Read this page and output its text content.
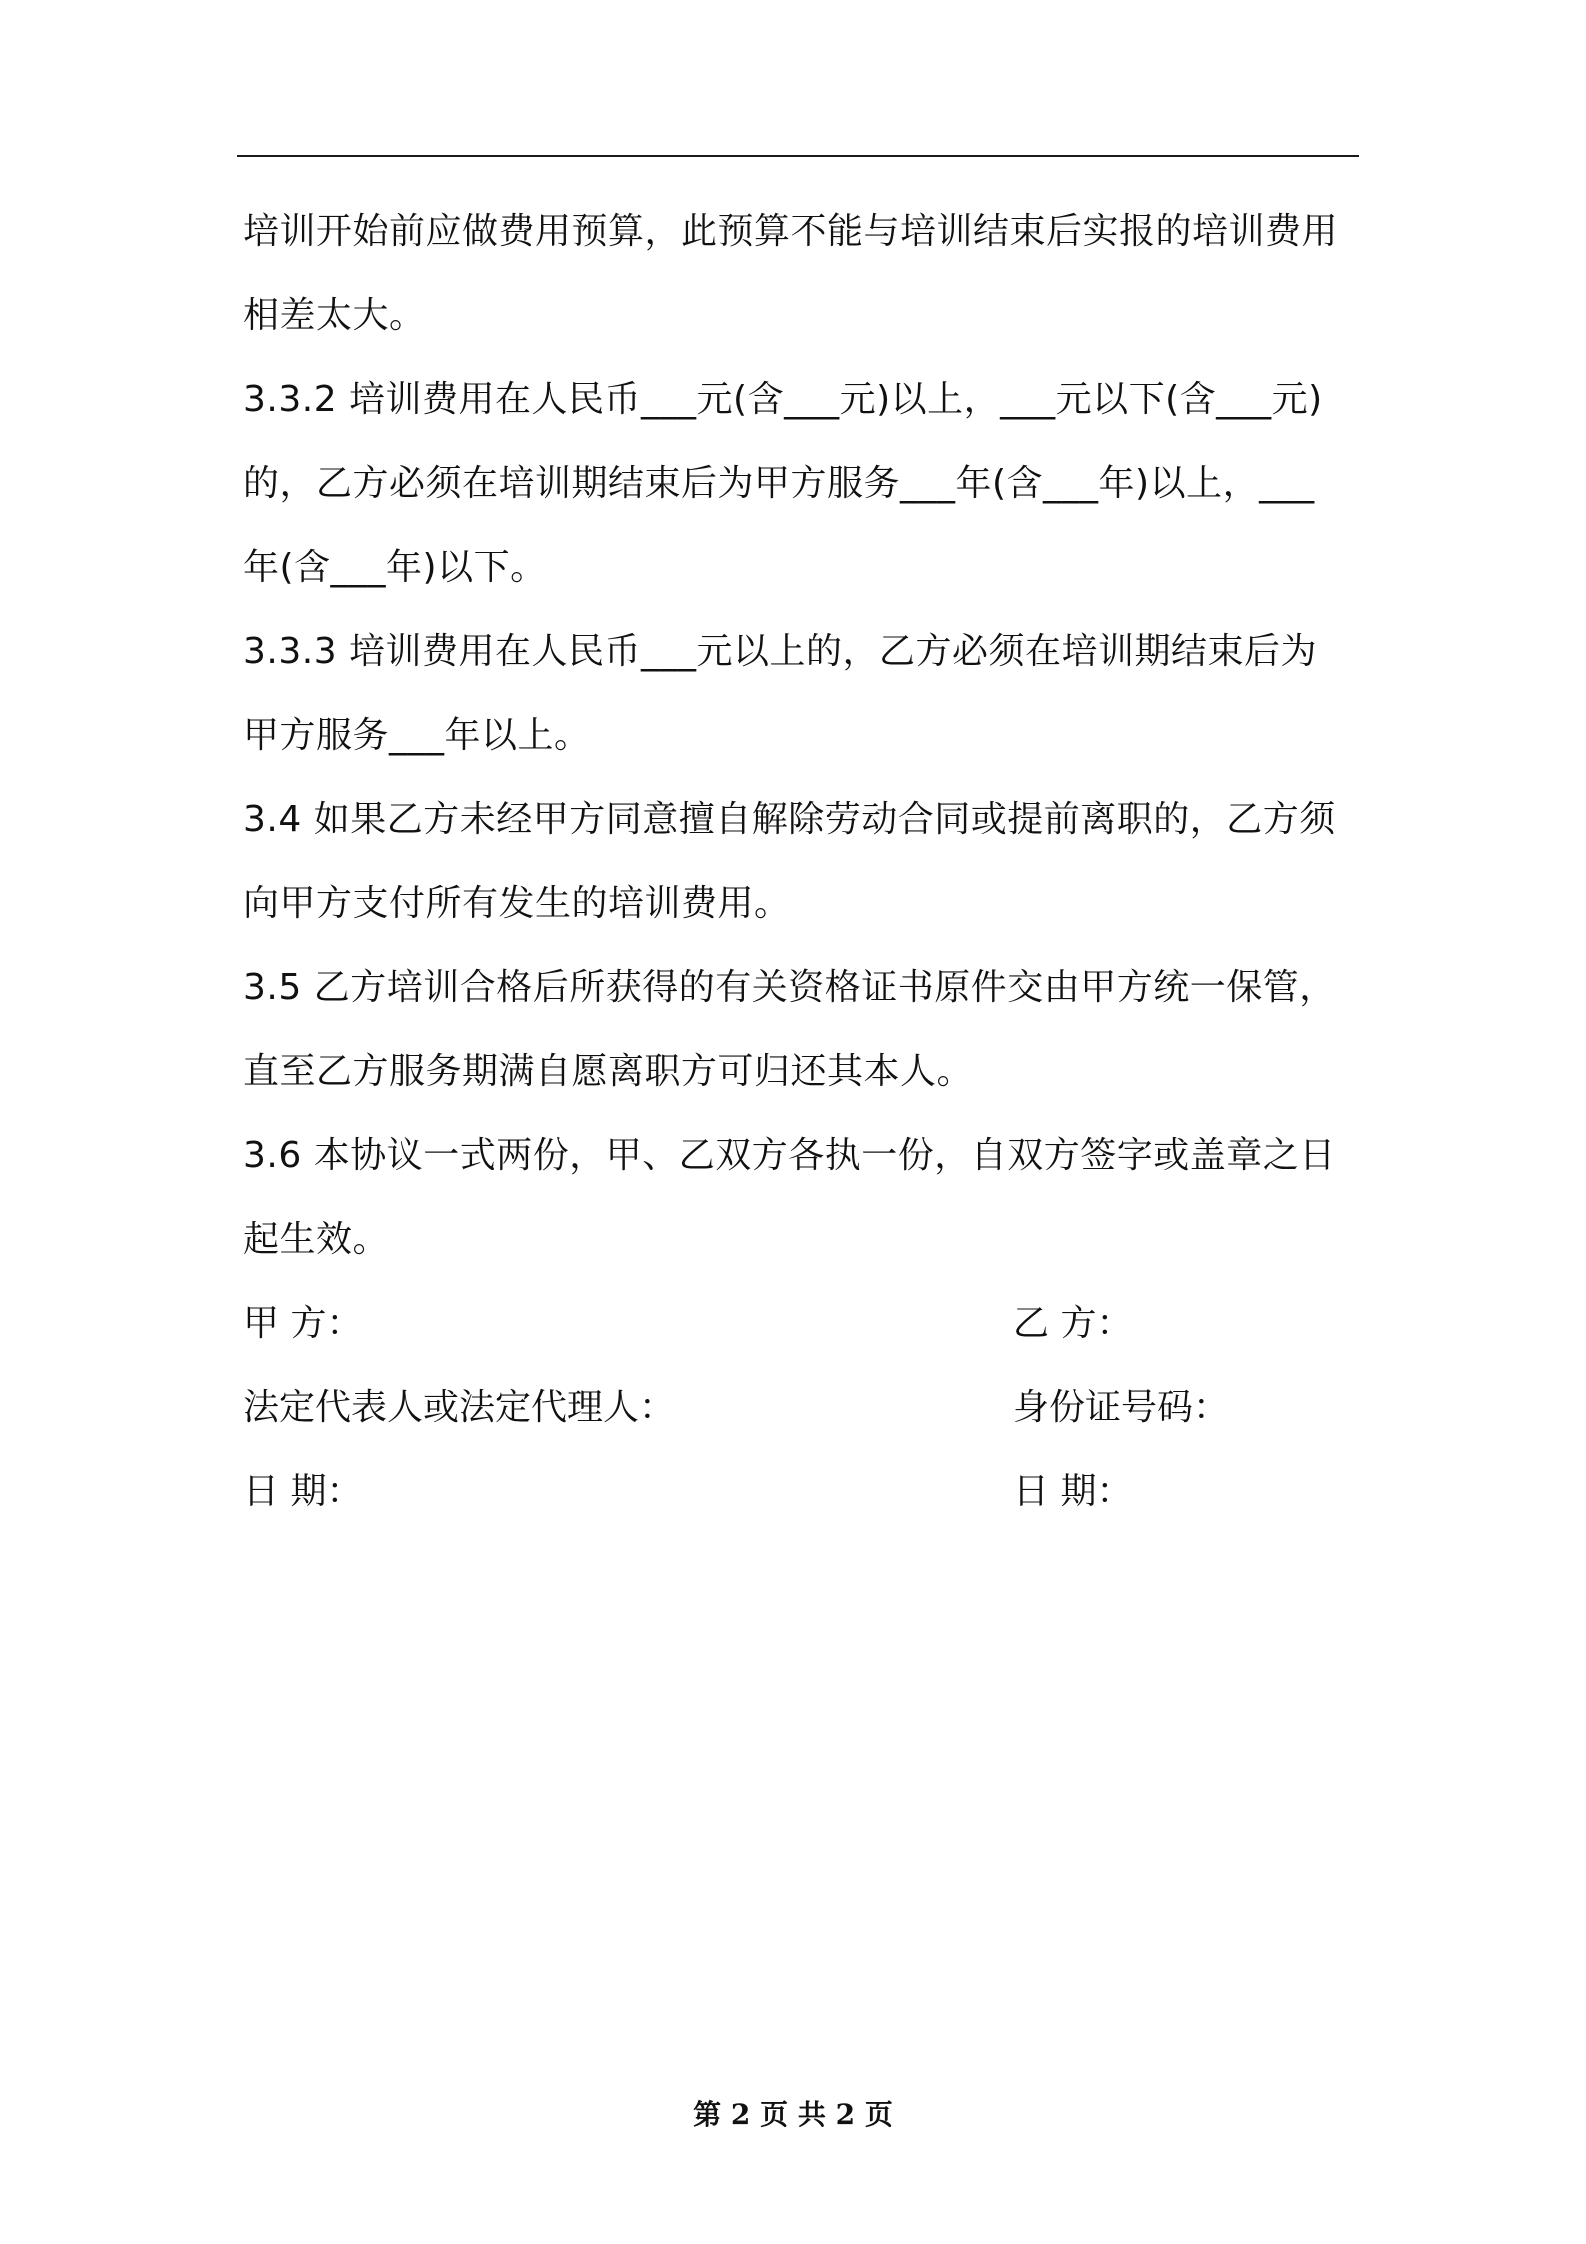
培训开始前应做费用预算，此预算不能与培训结束后实报的培训费用
相差太大。

3.3.2 培训费用在人民币___元(含___元)以上，___元以下(含___元)
的，乙方必须在培训期结束后为甲方服务___年(含___年)以上，___
年(含___年)以下。

3.3.3 培训费用在人民币___元以上的，乙方必须在培训期结束后为
甲方服务___年以上。

3.4 如果乙方未经甲方同意擅自解除劳动合同或提前离职的，乙方须
向甲方支付所有发生的培训费用。

3.5 乙方培训合格后所获得的有关资格证书原件交由甲方统一保管，
直至乙方服务期满自愿离职方可归还其本人。

3.6 本协议一式两份，甲、乙双方各执一份，自双方签字或盖章之日
起生效。

甲 方：	乙 方：
法定代表人或法定代理人：	身份证号码：
日 期：	日 期：
第 2 页 共 2 页
